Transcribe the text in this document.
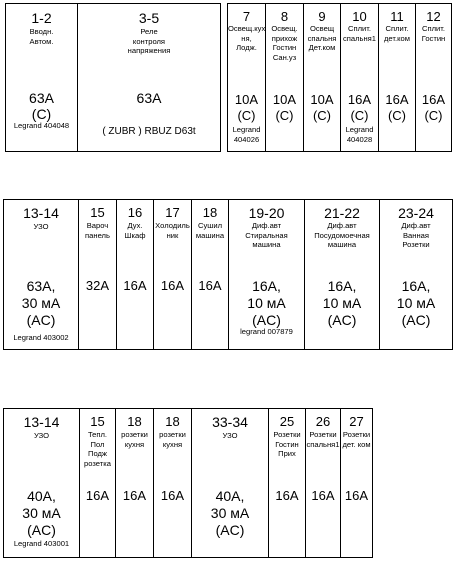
1-2
Вводн.
Автом.
63A
(C)
Legrand 404048
3-5
Реле
контроля
напряжения
63A
( ZUBR ) RBUZ D63t
7
Освещ.кух
ня,
Лодж.
10A
(C)
Legrand
404026
8
Освещ.
прихож
Гостин
Сан.уз
10A
(C)
9
Освещ
спальня
Дет.ком
10A
(C)
10
Сплит.
спальня1
16A
(C)
Legrand
404028
11
Сплит.
дет.ком
16A
(C)
12
Сплит.
Гостин
16A
(C)
13-14
УЗО
63A,
30 мА
(AC)
Legrand 403002
15
Вароч
панель
32A
16
Дух.
Шкаф
16A
17
Холодиль
ник
16A
18
Сушил
машина
16A
19-20
Диф.авт
Стиральная
машина
16A,
10 мА
(AC)
legrand 007879
21-22
Диф.авт
Посудомоечная
машина
16A,
10 мА
(AC)
23-24
Диф.авт
Ванная
Розетки
16A,
10 мА
(AC)
13-14
УЗО
40A,
30 мА
(AC)
Legrand 403001
15
Тепл.
Пол
Подж
розетка
16A
18
розетки
кухня
16A
18
розетки
кухня
16A
33-34
УЗО
40A,
30 мА
(AC)
25
Розетки
Гостин
Прих
16A
26
Розетки
спальня1
16A
27
Розетки
дет. ком
16A
